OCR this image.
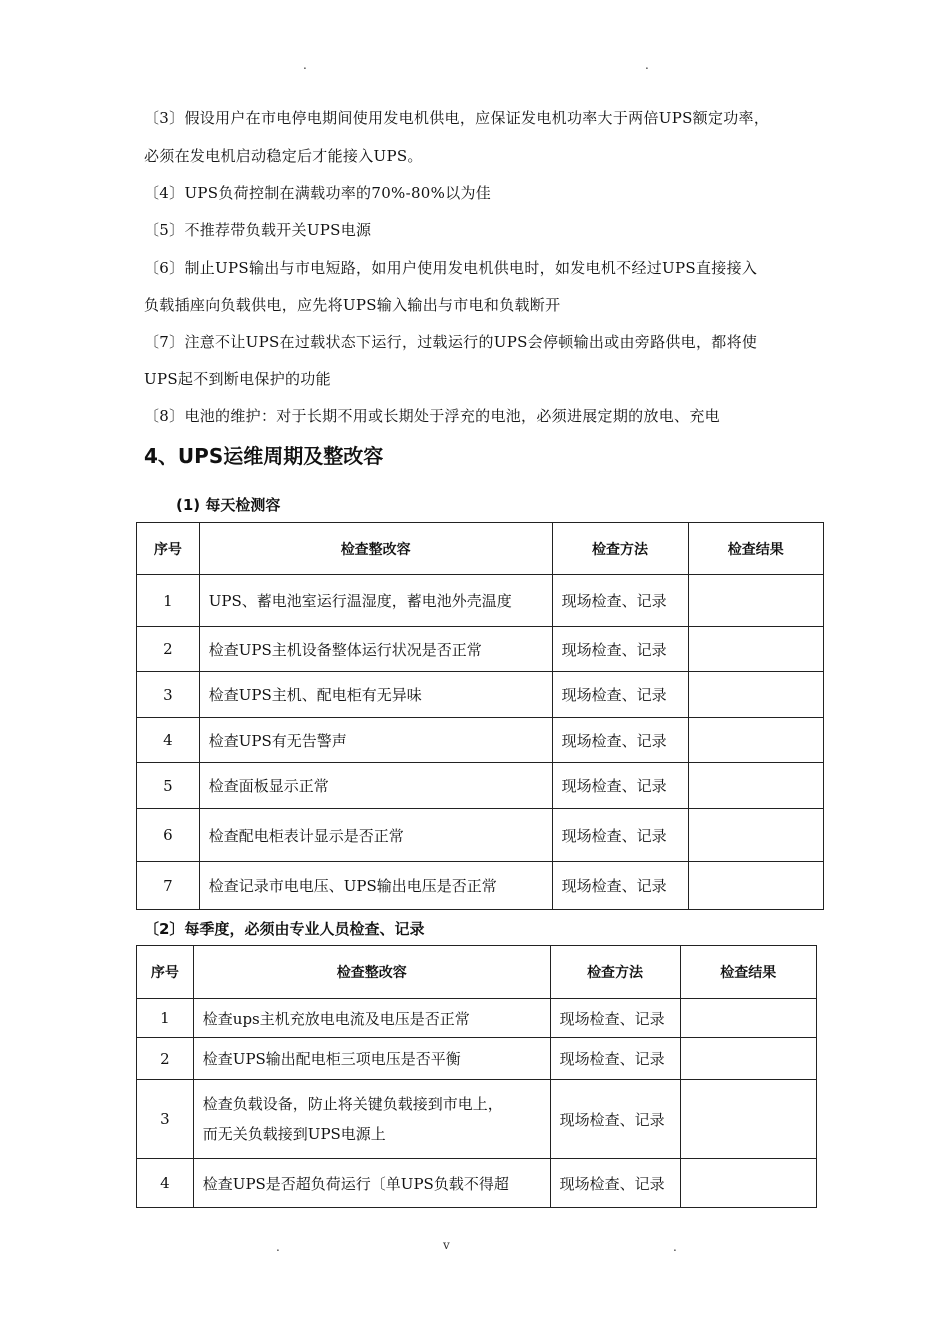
.	.
〔3〕假设用户在市电停电期间使用发电机供电，应保证发电机功率大于两倍UPS额定功率，
必须在发电机启动稳定后才能接入UPS。
〔4〕UPS负荷控制在满载功率的70%-80%以为佳
〔5〕不推荐带负载开关UPS电源
〔6〕制止UPS输出与市电短路，如用户使用发电机供电时，如发电机不经过UPS直接接入
负载插座向负载供电，应先将UPS输入输出与市电和负载断开
〔7〕注意不让UPS在过载状态下运行，过载运行的UPS会停顿输出或由旁路供电，都将使
UPS起不到断电保护的功能
〔8〕电池的维护：对于长期不用或长期处于浮充的电池，必须进展定期的放电、充电
4、UPS运维周期及整改容
(1) 每天检测容
序号	检查整改容	检查方法	检查结果
1	UPS、蓄电池室运行温湿度，蓄电池外壳温度	现场检查、记录	
2	检查UPS主机设备整体运行状况是否正常	现场检查、记录	
3	检查UPS主机、配电柜有无异味	现场检查、记录	
4	检查UPS有无告警声	现场检查、记录	
5	检查面板显示正常	现场检查、记录	
6	检查配电柜表计显示是否正常	现场检查、记录	
7	检查记录市电电压、UPS输出电压是否正常	现场检查、记录	
〔2〕每季度，必须由专业人员检查、记录
序号	检查整改容	检查方法	检查结果
1	检查ups主机充放电电流及电压是否正常	现场检查、记录	
2	检查UPS输出配电柜三项电压是否平衡	现场检查、记录	
3	检查负载设备，防止将关键负载接到市电上，
而无关负载接到UPS电源上	现场检查、记录	
4	检查UPS是否超负荷运行〔单UPS负载不得超	现场检查、记录	
.	v	.
